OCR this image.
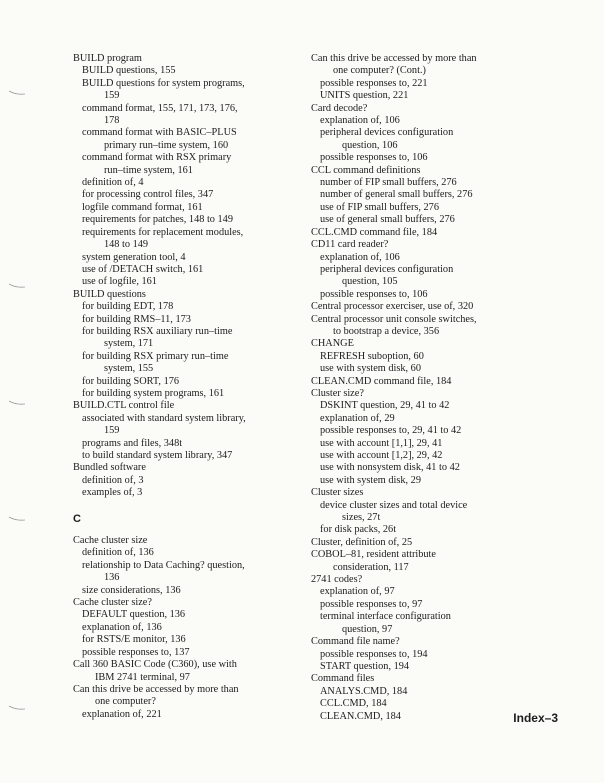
BUILD program
BUILD questions, 155
BUILD questions for system programs,
159
command format, 155, 171, 173, 176,
178
command format with BASIC–PLUS
primary run–time system, 160
command format with RSX primary
run–time system, 161
definition of, 4
for processing control files, 347
logfile command format, 161
requirements for patches, 148 to 149
requirements for replacement modules,
148 to 149
system generation tool, 4
use of /DETACH switch, 161
use of logfile, 161
BUILD questions
for building EDT, 178
for building RMS–11, 173
for building RSX auxiliary run–time
system, 171
for building RSX primary run–time
system, 155
for building SORT, 176
for building system programs, 161
BUILD.CTL control file
associated with standard system library,
159
programs and files, 348t
to build standard system library, 347
Bundled software
definition of, 3
examples of, 3
C
Cache cluster size
definition of, 136
relationship to Data Caching? question,
136
size considerations, 136
Cache cluster size?
DEFAULT question, 136
explanation of, 136
for RSTS/E monitor, 136
possible responses to, 137
Call 360 BASIC Code (C360), use with
IBM 2741 terminal, 97
Can this drive be accessed by more than
one computer?
explanation of, 221
Can this drive be accessed by more than
one computer? (Cont.)
possible responses to, 221
UNITS question, 221
Card decode?
explanation of, 106
peripheral devices configuration
question, 106
possible responses to, 106
CCL command definitions
number of FIP small buffers, 276
number of general small buffers, 276
use of FIP small buffers, 276
use of general small buffers, 276
CCL.CMD command file, 184
CD11 card reader?
explanation of, 106
peripheral devices configuration
question, 105
possible responses to, 106
Central processor exerciser, use of, 320
Central processor unit console switches,
to bootstrap a device, 356
CHANGE
REFRESH suboption, 60
use with system disk, 60
CLEAN.CMD command file, 184
Cluster size?
DSKINT question, 29, 41 to 42
explanation of, 29
possible responses to, 29, 41 to 42
use with account [1,1], 29, 41
use with account [1,2], 29, 42
use with nonsystem disk, 41 to 42
use with system disk, 29
Cluster sizes
device cluster sizes and total device
sizes, 27t
for disk packs, 26t
Cluster, definition of, 25
COBOL–81, resident attribute
consideration, 117
2741 codes?
explanation of, 97
possible responses to, 97
terminal interface configuration
question, 97
Command file name?
possible responses to, 194
START question, 194
Command files
ANALYS.CMD, 184
CCL.CMD, 184
CLEAN.CMD, 184	Index–3
